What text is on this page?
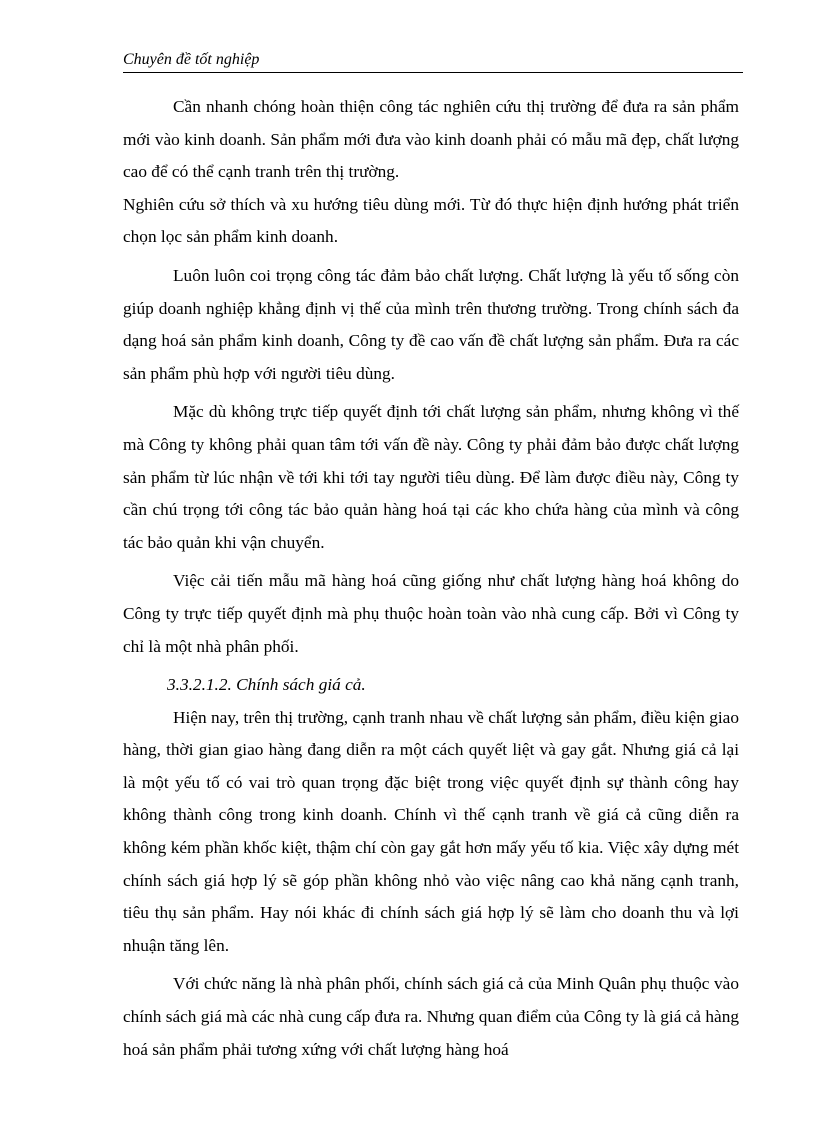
Chuyên đề tốt nghiệp

Cần nhanh chóng hoàn thiện công tác nghiên cứu thị trường để đưa ra sản phẩm mới vào kinh doanh. Sản phẩm mới đưa vào kinh doanh phải có mẫu mã đẹp, chất lượng cao để có thể cạnh tranh trên thị trường.

Nghiên cứu sở thích và xu hướng tiêu dùng mới. Từ đó thực hiện định hướng phát triển chọn lọc sản phẩm kinh doanh.

Luôn luôn coi trọng công tác đảm bảo chất lượng. Chất lượng là yếu tố sống còn giúp doanh nghiệp khẳng định vị thế của mình trên thương trường. Trong chính sách đa dạng hoá sản phẩm kinh doanh, Công ty đề cao vấn đề chất lượng sản phẩm. Đưa ra các sản phẩm phù hợp với người tiêu dùng.

Mặc dù không trực tiếp quyết định tới chất lượng sản phẩm, nhưng không vì thế mà Công ty không phải quan tâm tới vấn đề này. Công ty phải đảm bảo được chất lượng sản phẩm từ lúc nhận về tới khi tới tay người tiêu dùng. Để làm được điều này, Công ty cần chú trọng tới công tác bảo quản hàng hoá tại các kho chứa hàng của mình và công tác bảo quản khi vận chuyển.

Việc cải tiến mẫu mã hàng hoá cũng giống như chất lượng hàng hoá không do Công ty trực tiếp quyết định mà phụ thuộc hoàn toàn vào nhà cung cấp. Bởi vì Công ty chỉ là một nhà phân phối.

3.3.2.1.2. Chính sách giá cả.

Hiện nay, trên thị trường, cạnh tranh nhau về chất lượng sản phẩm, điều kiện giao hàng, thời gian giao hàng đang diễn ra một cách quyết liệt và gay gắt. Nhưng giá cả lại là một yếu tố có vai trò quan trọng đặc biệt trong việc quyết định sự thành công hay không thành công trong kinh doanh. Chính vì thế cạnh tranh về giá cả cũng diễn ra không kém phần khốc kiệt, thậm chí còn gay gắt hơn mấy yếu tố kia. Việc xây dựng mét chính sách giá hợp lý sẽ góp phần không nhỏ vào việc nâng cao khả năng cạnh tranh, tiêu thụ sản phẩm. Hay nói khác đi chính sách giá hợp lý sẽ làm cho doanh thu và lợi nhuận tăng lên.

Với chức năng là nhà phân phối, chính sách giá cả của Minh Quân phụ thuộc vào chính sách giá mà các nhà cung cấp đưa ra. Nhưng quan điểm của Công ty là giá cả hàng hoá sản phẩm phải tương xứng với chất lượng hàng hoá
